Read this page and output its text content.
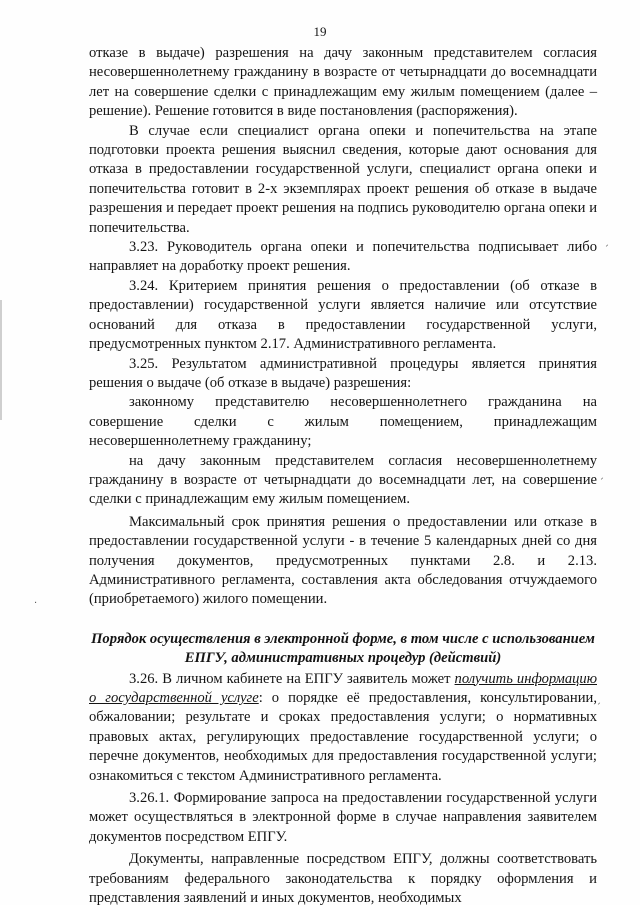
19

отказе в выдаче) разрешения на дачу законным представителем согласия несовершеннолетнему гражданину в возрасте от четырнадцати до восемнадцати лет на совершение сделки с принадлежащим ему жилым помещением (далее – решение). Решение готовится в виде постановления (распоряжения).

В случае если специалист органа опеки и попечительства на этапе подготовки проекта решения выяснил сведения, которые дают основания для отказа в предоставлении государственной услуги, специалист органа опеки и попечительства готовит в 2-х экземплярах проект решения об отказе в выдаче разрешения и передает проект решения на подпись руководителю органа опеки и попечительства.

3.23. Руководитель органа опеки и попечительства подписывает либо направляет на доработку проект решения.

3.24. Критерием принятия решения о предоставлении (об отказе в предоставлении) государственной услуги является наличие или отсутствие оснований для отказа в предоставлении государственной услуги, предусмотренных пунктом 2.17. Административного регламента.

3.25. Результатом административной процедуры является принятия решения о выдаче (об отказе в выдаче) разрешения:

законному представителю несовершеннолетнего гражданина на совершение сделки с жилым помещением, принадлежащим несовершеннолетнему гражданину;

на дачу законным представителем согласия несовершеннолетнему гражданину в возрасте от четырнадцати до восемнадцати лет, на совершение сделки с принадлежащим ему жилым помещением.

Максимальный срок принятия решения о предоставлении или отказе в предоставлении государственной услуги - в течение 5 календарных дней со дня получения документов, предусмотренных пунктами 2.8. и 2.13. Административного регламента, составления акта обследования отчуждаемого (приобретаемого) жилого помещении.

Порядок осуществления в электронной форме, в том числе с использованием ЕПГУ, административных процедур (действий)

3.26. В личном кабинете на ЕПГУ заявитель может получить информацию о государственной услуге: о порядке её предоставления, консультировании, обжаловании; результате и сроках предоставления услуги; о нормативных правовых актах, регулирующих предоставление государственной услуги; о перечне документов, необходимых для предоставления государственной услуги; ознакомиться с текстом Административного регламента.

3.26.1. Формирование запроса на предоставлении государственной услуги может осуществляться в электронной форме в случае направления заявителем документов посредством ЕПГУ.

Документы, направленные посредством ЕПГУ, должны соответствовать требованиям федерального законодательства к порядку оформления и представления заявлений и иных документов, необходимых

ˏ
ˏ
ˏ
·
